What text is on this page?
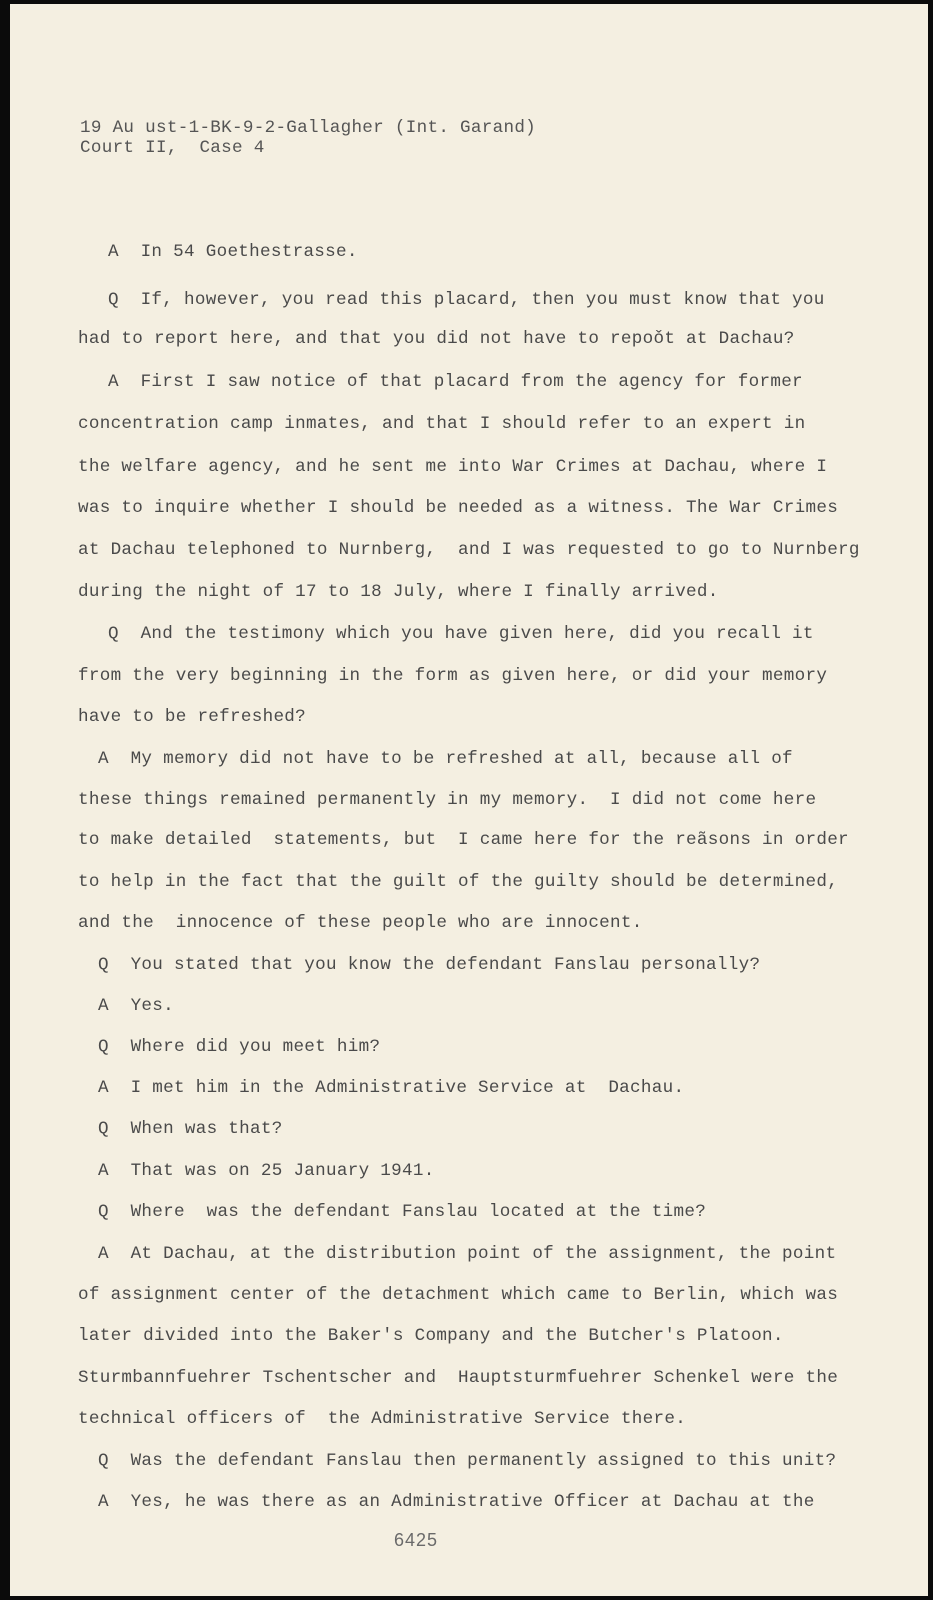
19 Au ust-1-BK-9-2-Gallagher (Int. Garand)
Court II,  Case 4
A  In 54 Goethestrasse.
Q  If, however, you read this placard, then you must know that you
had to report here, and that you did not have to repoǒt at Dachau?
A  First I saw notice of that placard from the agency for former
concentration camp inmates, and that I should refer to an expert in
the welfare agency, and he sent me into War Crimes at Dachau, where I
was to inquire whether I should be needed as a witness. The War Crimes
at Dachau telephoned to Nurnberg,  and I was requested to go to Nurnberg
during the night of 17 to 18 July, where I finally arrived.
Q  And the testimony which you have given here, did you recall it
from the very beginning in the form as given here, or did your memory
have to be refreshed?
A  My memory did not have to be refreshed at all, because all of
these things remained permanently in my memory.  I did not come here
to make detailed  statements, but  I came here for the reãsons in order
to help in the fact that the guilt of the guilty should be determined,
and the  innocence of these people who are innocent.
Q  You stated that you know the defendant Fanslau personally?
A  Yes.
Q  Where did you meet him?
A  I met him in the Administrative Service at  Dachau.
Q  When was that?
A  That was on 25 January 1941.
Q  Where  was the defendant Fanslau located at the time?
A  At Dachau, at the distribution point of the assignment, the point
of assignment center of the detachment which came to Berlin, which was
later divided into the Baker's Company and the Butcher's Platoon.
Sturmbannfuehrer Tschentscher and  Hauptsturmfuehrer Schenkel were the
technical officers of  the Administrative Service there.
Q  Was the defendant Fanslau then permanently assigned to this unit?
A  Yes, he was there as an Administrative Officer at Dachau at the
6425
